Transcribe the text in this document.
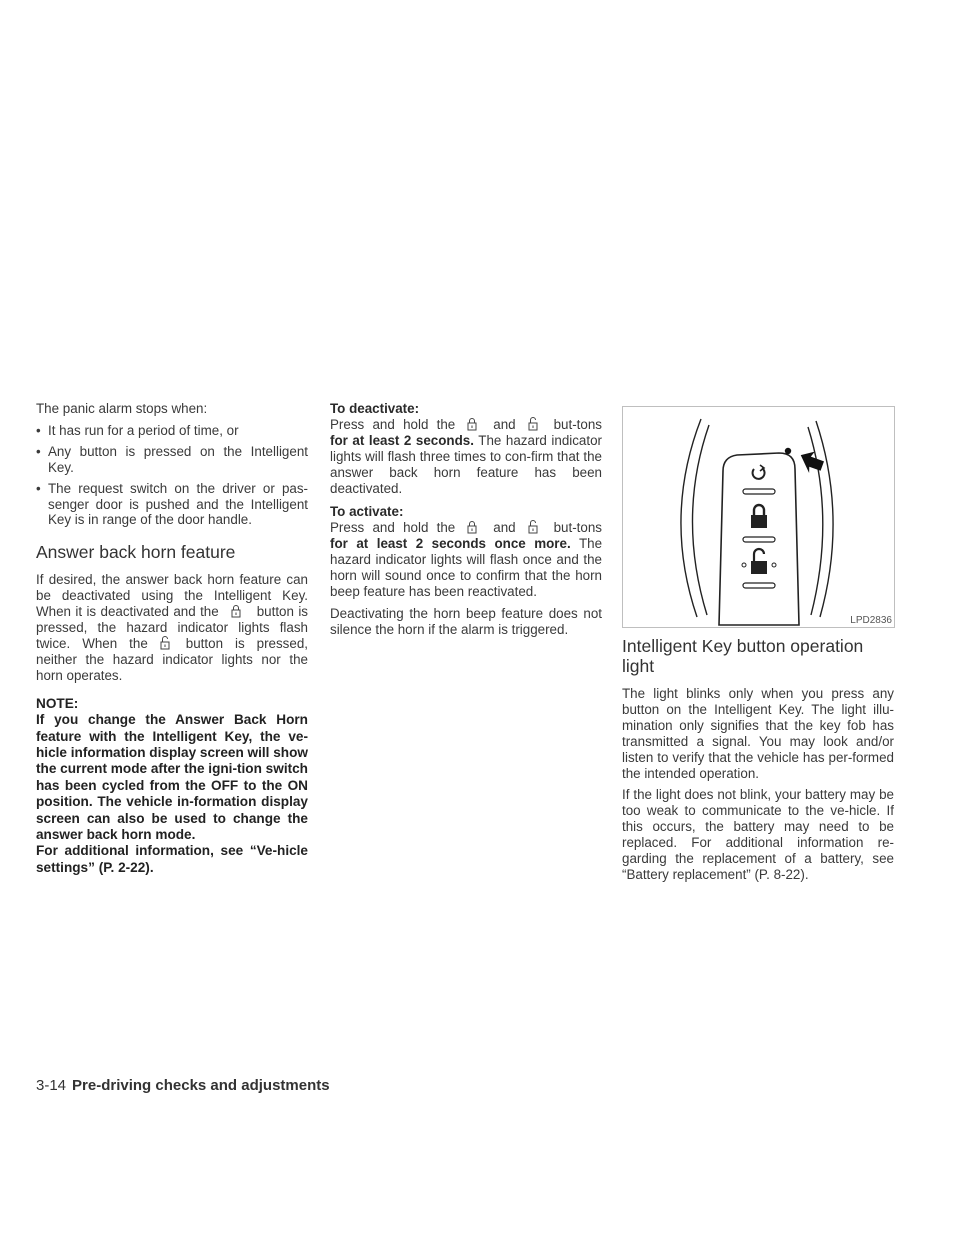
The panic alarm stops when:

• It has run for a period of time, or
• Any button is pressed on the Intelligent Key.
• The request switch on the driver or pas-senger door is pushed and the Intelligent Key is in range of the door handle.
Answer back horn feature

If desired, the answer back horn feature can be deactivated using the Intelligent Key. When it is deactivated and the	button is pressed, the hazard indicator lights flash twice. When the	button is pressed, neither the hazard indicator lights nor the horn operates.

NOTE:

If you change the Answer Back Horn feature with the Intelligent Key, the ve-hicle information display screen will show the current mode after the igni-tion switch has been cycled from the OFF to the ON position. The vehicle in-formation display screen can also be used to change the answer back horn mode.

For additional information, see “Ve-hicle settings” (P. 2-22).

To deactivate:

Press and hold the	and	but-tons for at least 2 seconds. The hazard indicator lights will flash three times to con-firm that the answer back horn feature has been deactivated.

To activate:

Press and hold the	and	but-tons for at least 2 seconds once more. The hazard indicator lights will flash once and the horn will sound once to confirm that the horn beep feature has been reactivated.

Deactivating the horn beep feature does not silence the horn if the alarm is triggered.

LPD2836
Intelligent Key button operation light

The light blinks only when you press any button on the Intelligent Key. The light illu-mination only signifies that the key fob has transmitted a signal. You may look and/or listen to verify that the vehicle has per-formed the intended operation.

If the light does not blink, your battery may be too weak to communicate to the ve-hicle. If this occurs, the battery may need to be replaced. For additional information re-garding the replacement of a battery, see “Battery replacement” (P. 8-22).

3-14 Pre-driving checks and adjustments
